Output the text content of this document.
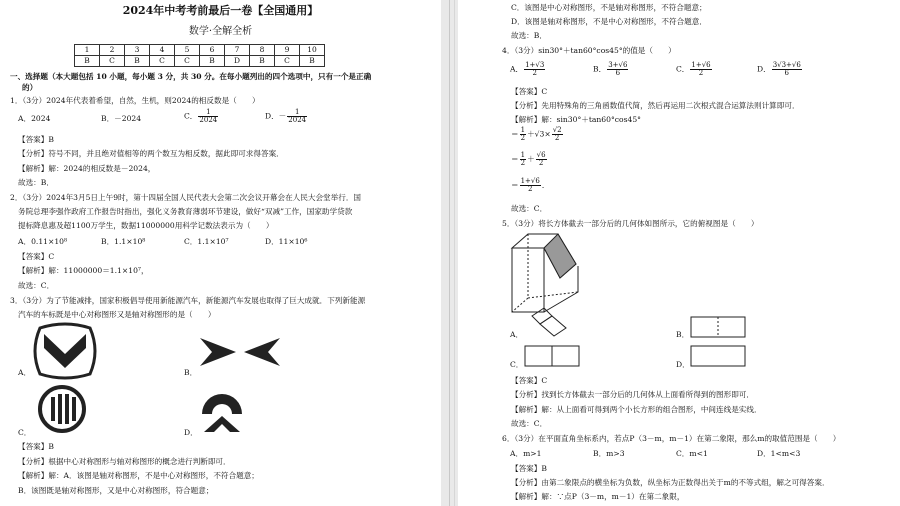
2024年中考考前最后一卷【全国通用】
数学·全解全析
1	2	3	4	5	6	7	8	9	10
B	C	B	C	C	B	D	B	C	B
一、选择题（本大题包括 10 小题，每小题 3 分，共 30 分。在每小题列出的四个选项中，只有一个是正确
的）
1．（3分）2024年代表着希望，自然，生机，则2024的相反数是（　　）
A．2024	B．－2024	C． $\frac{1}{2024}$	D．－ $\frac{1}{2024}$
【答案】B
【分析】符号不同，并且绝对值相等的两个数互为相反数，据此即可求得答案．
【解析】解：2024的相反数是－2024，
故选：B．
2．（3分）2024年3月5日上午9时，第十四届全国人民代表大会第二次会议开幕会在人民大会堂举行．国
务院总理李强作政府工作报告时指出，强化义务教育薄弱环节建设，做好“双减”工作，国家助学贷款
提标降息惠及超1100万学生，数据11000000用科学记数法表示为（　　）
A．0.11×10⁸	B．1.1×10⁸	C．1.1×10⁷	D．11×10⁶
【答案】C
【解析】解：11000000＝1.1×10⁷，
故选：C．
3．（3分）为了节能减排，国家积极倡导使用新能源汽车，新能源汽车发展也取得了巨大成就．下列新能源
汽车的车标既是中心对称图形又是轴对称图形的是（　　）
A．	B．
C．	D．
【答案】B
【分析】根据中心对称图形与轴对称图形的概念进行判断即可．
【解析】解：A．该图是轴对称图形，不是中心对称图形，不符合题意；
B．该图既是轴对称图形，又是中心对称图形，符合题意；
C．该图是中心对称图形，不是轴对称图形，不符合题意；
D．该图是轴对称图形，不是中心对称图形，不符合题意．
故选：B．
4．（3分）sin30°＋tan60°cos45°的值是（　　）
A． $\frac{1+√3}{2}$	B． $\frac{3+√6}{6}$	C． $\frac{1+√6}{2}$	D． $\frac{3√3+√6}{6}$
【答案】C
【分析】先用特殊角的三角函数值代简，然后再运用二次根式混合运算法则计算即可．
【解析】解：sin30°＋tan60°cos45°
＝ $\frac{1}{2} +√3\times \frac{√2}{2}$
＝ $\frac{1}{2} + \frac{√6}{2}$
＝ $\frac{1+√6}{2}$ ．
故选：C．
5．（3分）将长方体截去一部分后的几何体如图所示，它的俯视图是（　　）
A．	B．
C．	D．
【答案】C
【分析】找到长方体截去一部分后的几何体从上面看所得到的图形即可．
【解析】解：从上面看可得到两个小长方形的组合图形，中间连线是实线．
故选：C．
6．（3分）在平面直角坐标系内，若点P（3－m，m－1）在第二象限，那么m的取值范围是（　　）
A．m>1	B．m>3	C．m<1	D．1<m<3
【答案】B
【分析】由第二象限点的横坐标为负数，纵坐标为正数得出关于m的不等式组，解之可得答案．
【解析】解：∵点P（3－m，m－1）在第二象限，
